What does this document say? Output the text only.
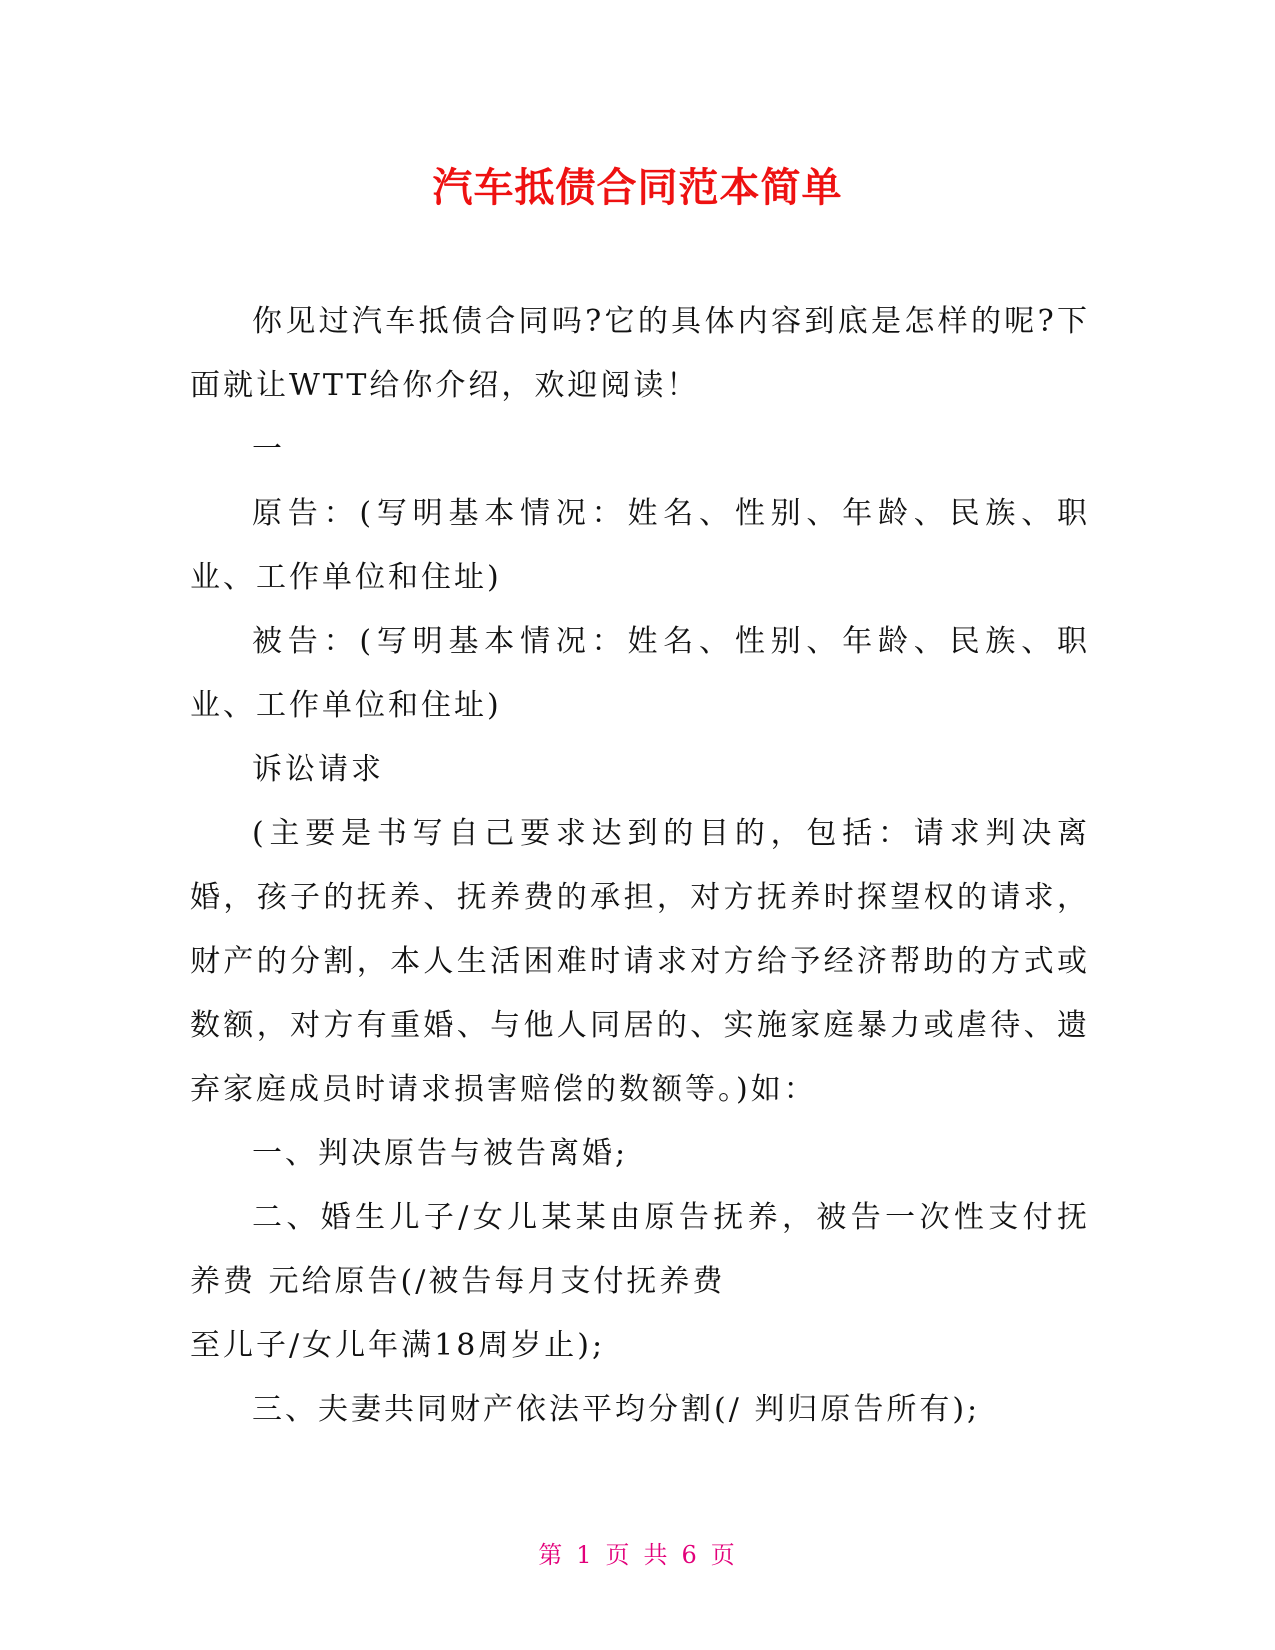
汽车抵债合同范本简单

你见过汽车抵债合同吗?它的具体内容到底是怎样的呢?下面就让WTT给你介绍，欢迎阅读！

一

原告：(写明基本情况：姓名、性别、年龄、民族、职业、工作单位和住址)

被告：(写明基本情况：姓名、性别、年龄、民族、职业、工作单位和住址)

诉讼请求

(主要是书写自己要求达到的目的，包括：请求判决离婚，孩子的抚养、抚养费的承担，对方抚养时探望权的请求，财产的分割，本人生活困难时请求对方给予经济帮助的方式或数额，对方有重婚、与他人同居的、实施家庭暴力或虐待、遗弃家庭成员时请求损害赔偿的数额等。)如：

一、判决原告与被告离婚;

二、婚生儿子/女儿某某由原告抚养，被告一次性支付抚养费 元给原告(/被告每月支付抚养费

至儿子/女儿年满18周岁止);

三、夫妻共同财产依法平均分割(/ 判归原告所有);

第 1 页 共 6 页
